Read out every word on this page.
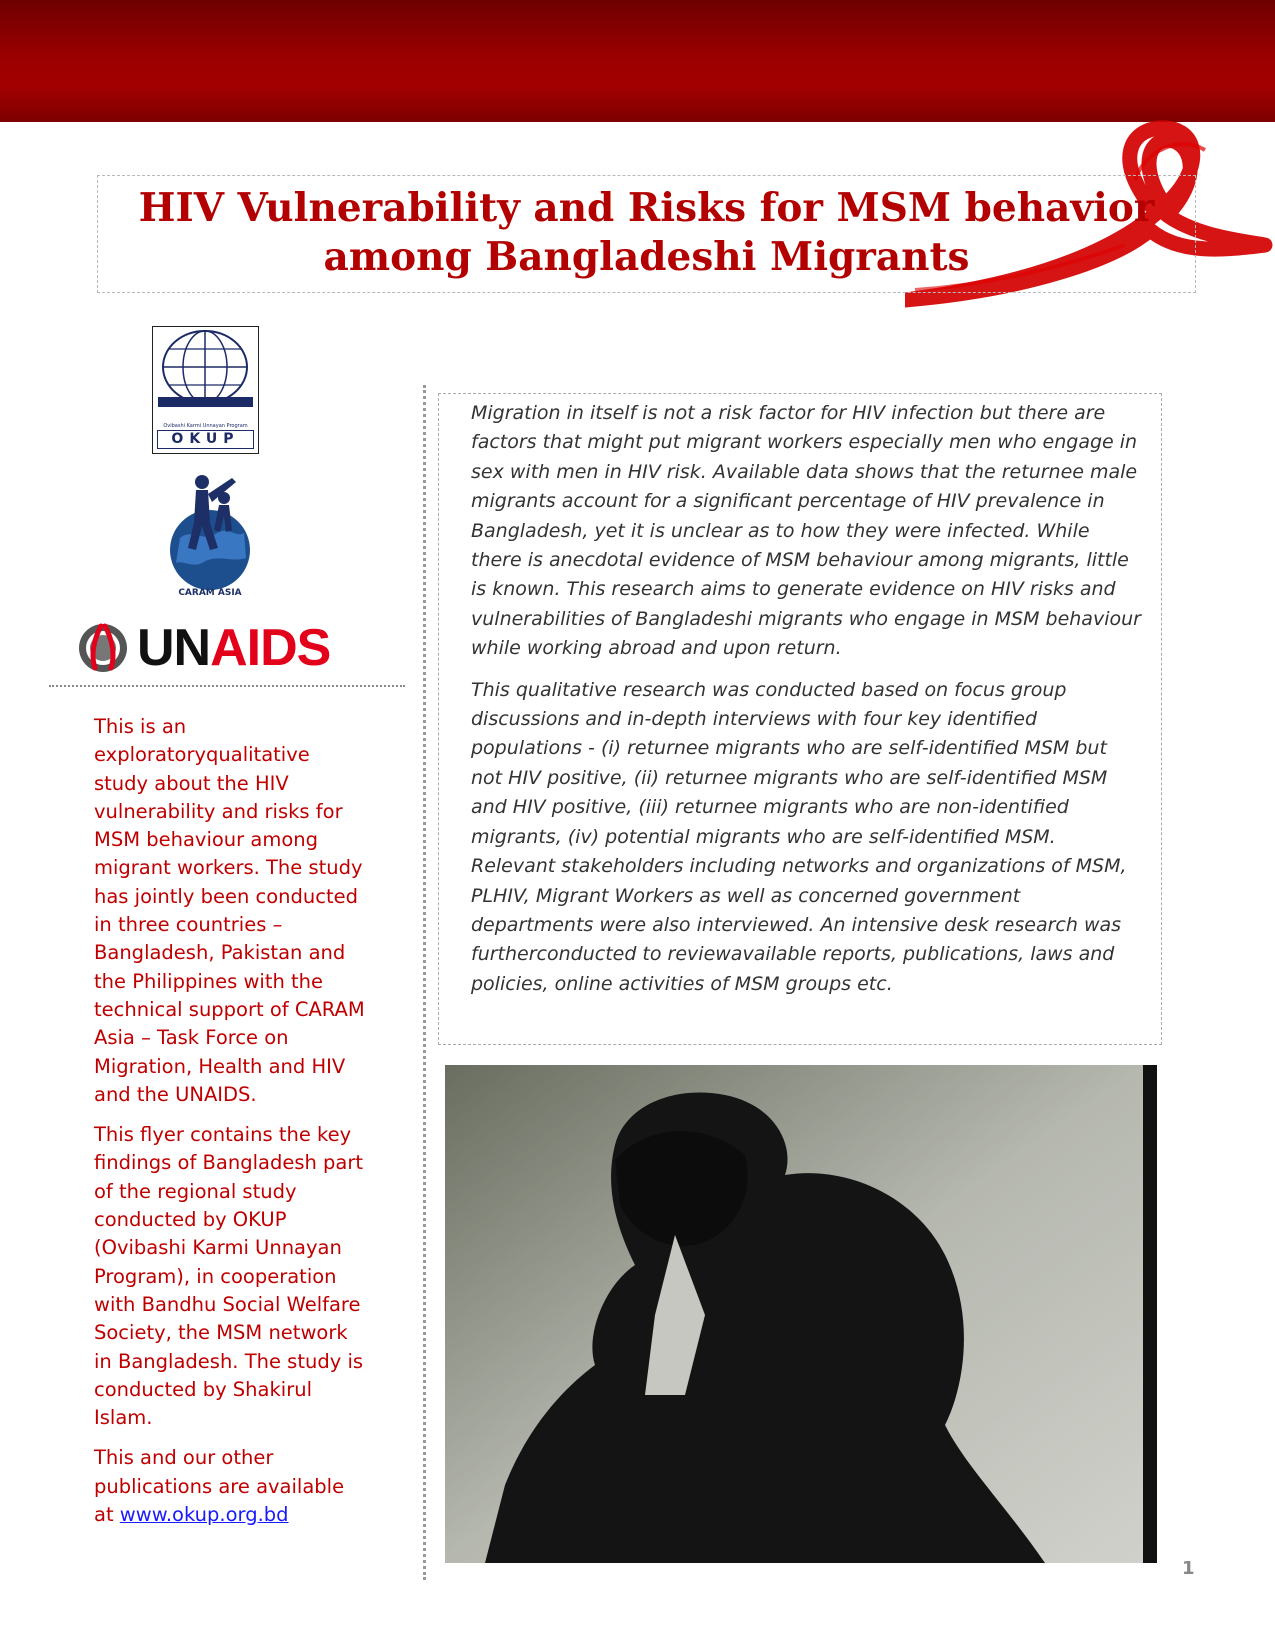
HIV Vulnerability and Risks for MSM behavior
among Bangladeshi Migrants
Ovibashi Karmi Unnayan Program
OKUP
CARAM ASIA
UNAIDS

This is an exploratoryqualitative study about the HIV vulnerability and risks for MSM behaviour among migrant workers. The study has jointly been conducted in three countries – Bangladesh, Pakistan and the Philippines with the technical support of CARAM Asia – Task Force on Migration, Health and HIV and the UNAIDS.

This flyer contains the key findings of Bangladesh part of the regional study conducted by OKUP (Ovibashi Karmi Unnayan Program), in cooperation with Bandhu Social Welfare Society, the MSM network in Bangladesh. The study is conducted by Shakirul Islam.

This and our other publications are available at www.okup.org.bd

Migration in itself is not a risk factor for HIV infection but there are factors that might put migrant workers especially men who engage in sex with men in HIV risk. Available data shows that the returnee male migrants account for a significant percentage of HIV prevalence in Bangladesh, yet it is unclear as to how they were infected. While there is anecdotal evidence of MSM behaviour among migrants, little is known. This research aims to generate evidence on HIV risks and vulnerabilities of Bangladeshi migrants who engage in MSM behaviour while working abroad and upon return.

This qualitative research was conducted based on focus group discussions and in-depth interviews with four key identified populations - (i) returnee migrants who are self-identified MSM but not HIV positive, (ii) returnee migrants who are self-identified MSM and HIV positive, (iii) returnee migrants who are non-identified migrants, (iv) potential migrants who are self-identified MSM. Relevant stakeholders including networks and organizations of MSM, PLHIV, Migrant Workers as well as concerned government departments were also interviewed. An intensive desk research was furtherconducted to reviewavailable reports, publications, laws and policies, online activities of MSM groups etc.

1
